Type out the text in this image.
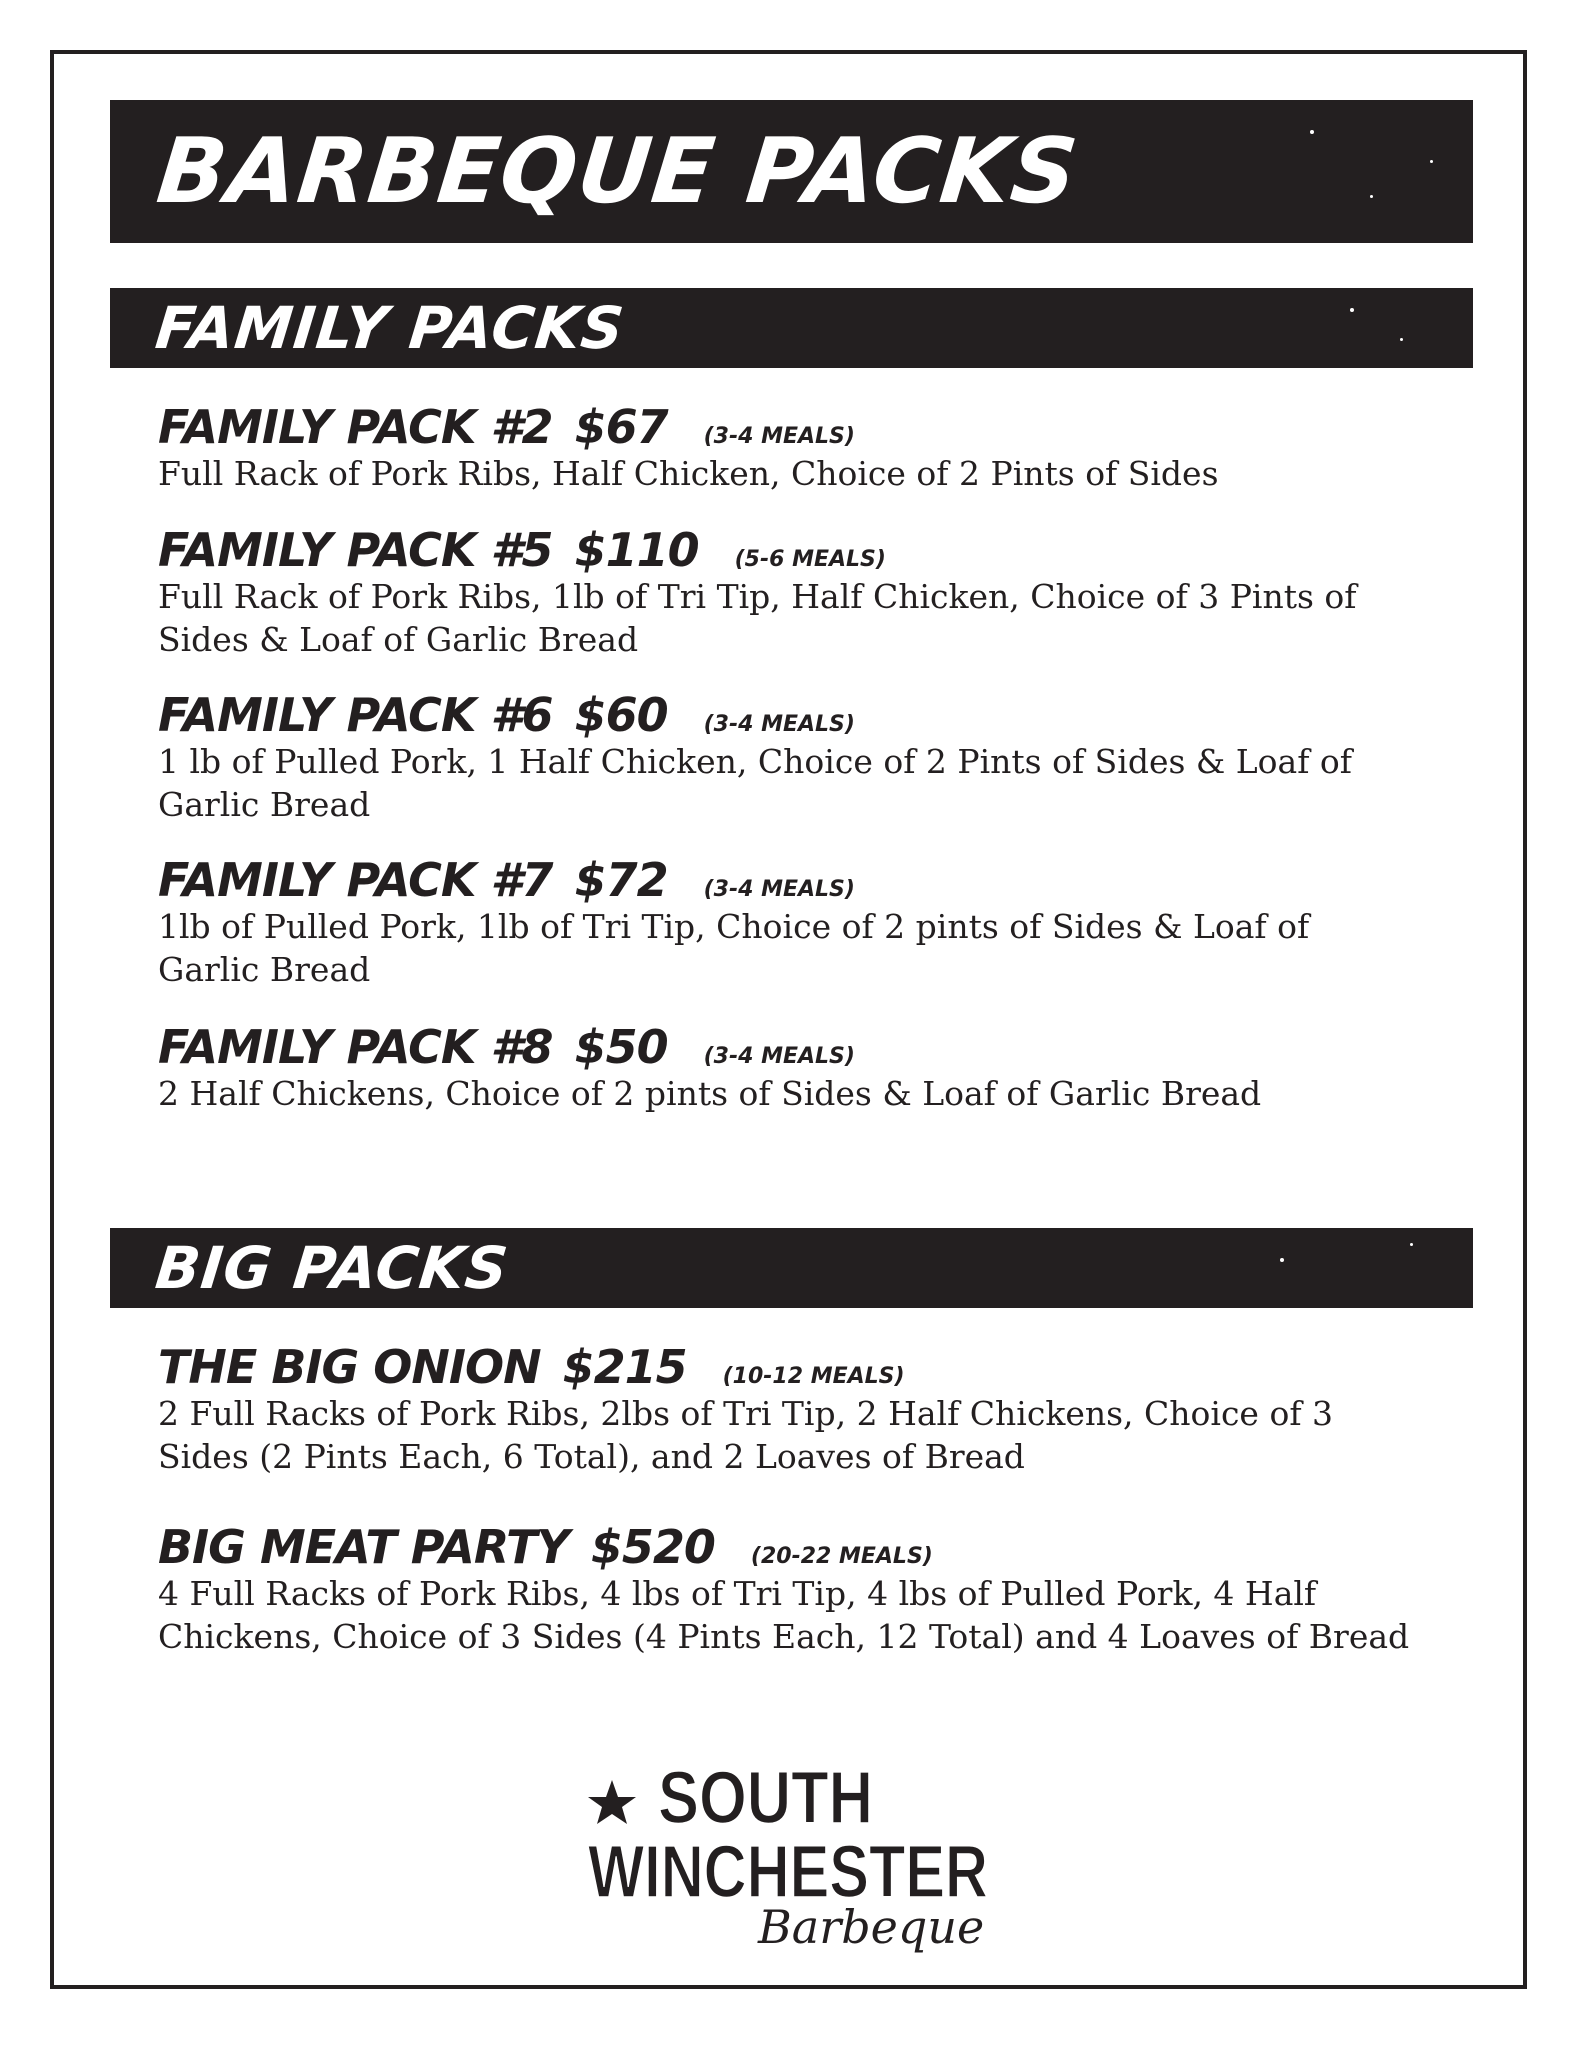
BARBEQUE PACKS
FAMILY PACKS
FAMILY PACK #2 $67 (3-4 MEALS)
Full Rack of Pork Ribs, Half Chicken, Choice of 2 Pints of Sides
FAMILY PACK #5 $110 (5-6 MEALS)
Full Rack of Pork Ribs, 1lb of Tri Tip, Half Chicken, Choice of 3 Pints of Sides & Loaf of Garlic Bread
FAMILY PACK #6 $60 (3-4 MEALS)
1 lb of Pulled Pork, 1 Half Chicken, Choice of 2 Pints of Sides & Loaf of Garlic Bread
FAMILY PACK #7 $72 (3-4 MEALS)
1lb of Pulled Pork, 1lb of Tri Tip, Choice of 2 pints of Sides & Loaf of Garlic Bread
FAMILY PACK #8 $50 (3-4 MEALS)
2 Half Chickens, Choice of 2 pints of Sides & Loaf of Garlic Bread
BIG PACKS
THE BIG ONION $215 (10-12 MEALS)
2 Full Racks of Pork Ribs, 2lbs of Tri Tip, 2 Half Chickens, Choice of 3 Sides (2 Pints Each, 6 Total), and 2 Loaves of Bread
BIG MEAT PARTY $520 (20-22 MEALS)
4 Full Racks of Pork Ribs, 4 lbs of Tri Tip, 4 lbs of Pulled Pork, 4 Half Chickens, Choice of 3 Sides (4 Pints Each, 12 Total) and 4 Loaves of Bread
SOUTH
WINCHESTER
Barbeque
